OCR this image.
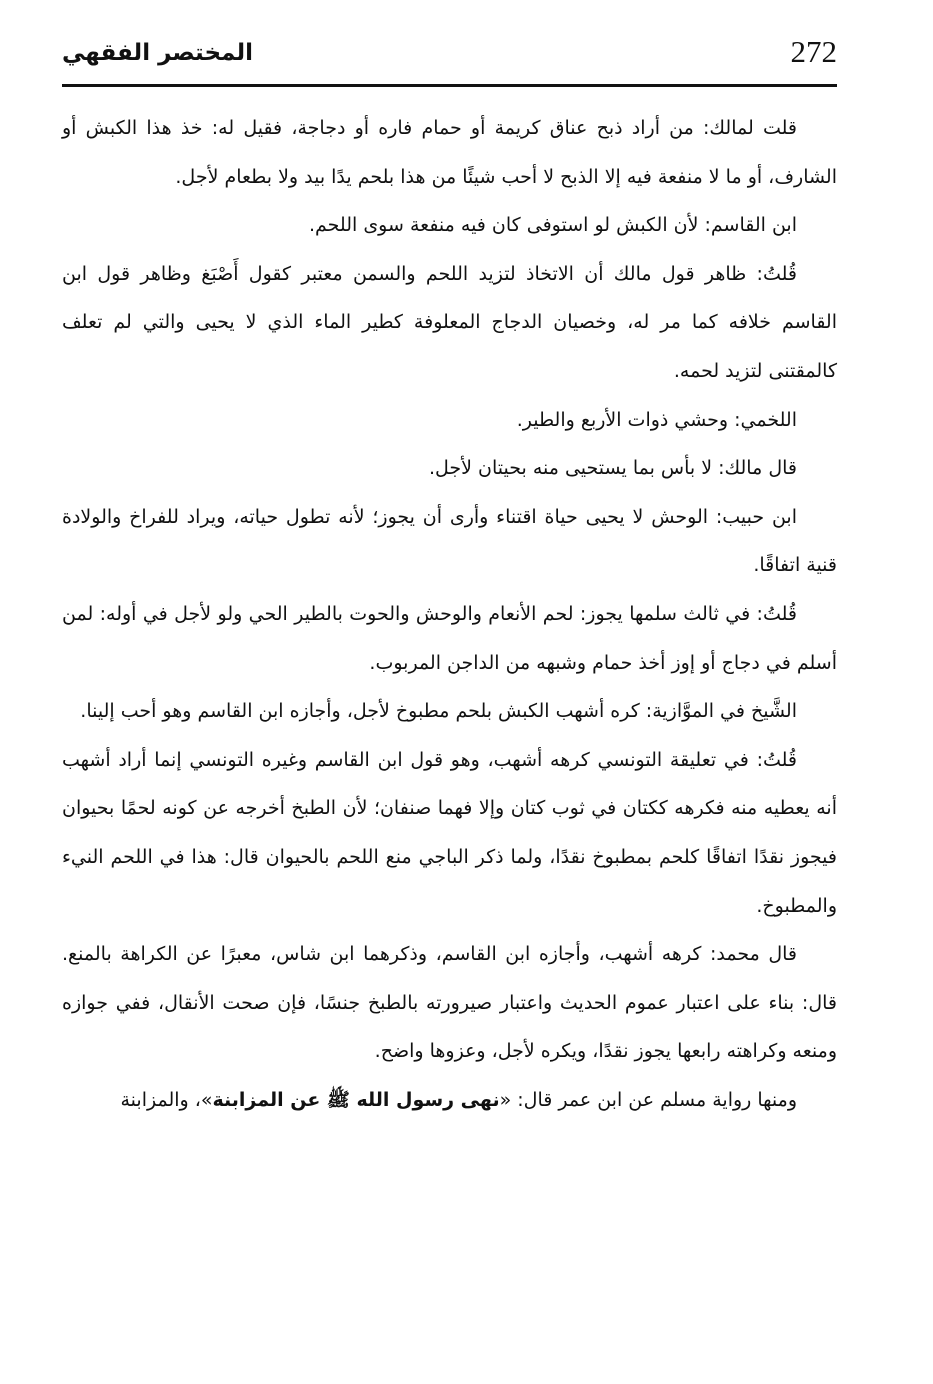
المختصر الفقهي	272

قلت لمالك: من أراد ذبح عناق كريمة أو حمام فاره أو دجاجة، فقيل له: خذ هذا الكبش أو الشارف، أو ما لا منفعة فيه إلا الذبح لا أحب شيئًا من هذا بلحم يدًا بيد ولا بطعام لأجل.

ابن القاسم: لأن الكبش لو استوفى كان فيه منفعة سوى اللحم.

قُلتُ: ظاهر قول مالك أن الاتخاذ لتزيد اللحم والسمن معتبر كقول أَصْبَغ وظاهر قول ابن القاسم خلافه كما مر له، وخصيان الدجاج المعلوفة كطير الماء الذي لا يحيى والتي لم تعلف كالمقتنى لتزيد لحمه.

اللخمي: وحشي ذوات الأربع والطير.

قال مالك: لا بأس بما يستحيى منه بحيتان لأجل.

ابن حبيب: الوحش لا يحيى حياة اقتناء وأرى أن يجوز؛ لأنه تطول حياته، ويراد للفراخ والولادة قنية اتفاقًا.

قُلتُ: في ثالث سلمها يجوز: لحم الأنعام والوحش والحوت بالطير الحي ولو لأجل في أوله: لمن أسلم في دجاج أو إوز أخذ حمام وشبهه من الداجن المربوب.

الشَّيخ في الموَّازية: كره أشهب الكبش بلحم مطبوخ لأجل، وأجازه ابن القاسم وهو أحب إلينا.

قُلتُ: في تعليقة التونسي كرهه أشهب، وهو قول ابن القاسم وغيره التونسي إنما أراد أشهب أنه يعطيه منه فكرهه ككتان في ثوب كتان وإلا فهما صنفان؛ لأن الطبخ أخرجه عن كونه لحمًا بحيوان فيجوز نقدًا اتفاقًا كلحم بمطبوخ نقدًا، ولما ذكر الباجي منع اللحم بالحيوان قال: هذا في اللحم النيء والمطبوخ.

قال محمد: كرهه أشهب، وأجازه ابن القاسم، وذكرهما ابن شاس، معبرًا عن الكراهة بالمنع. قال: بناء على اعتبار عموم الحديث واعتبار صيرورته بالطبخ جنسًا، فإن صحت الأنقال، ففي جوازه ومنعه وكراهته رابعها يجوز نقدًا، ويكره لأجل، وعزوها واضح.

ومنها رواية مسلم عن ابن عمر قال: «نهى رسول الله ﷺ عن المزابنة»، والمزابنة
